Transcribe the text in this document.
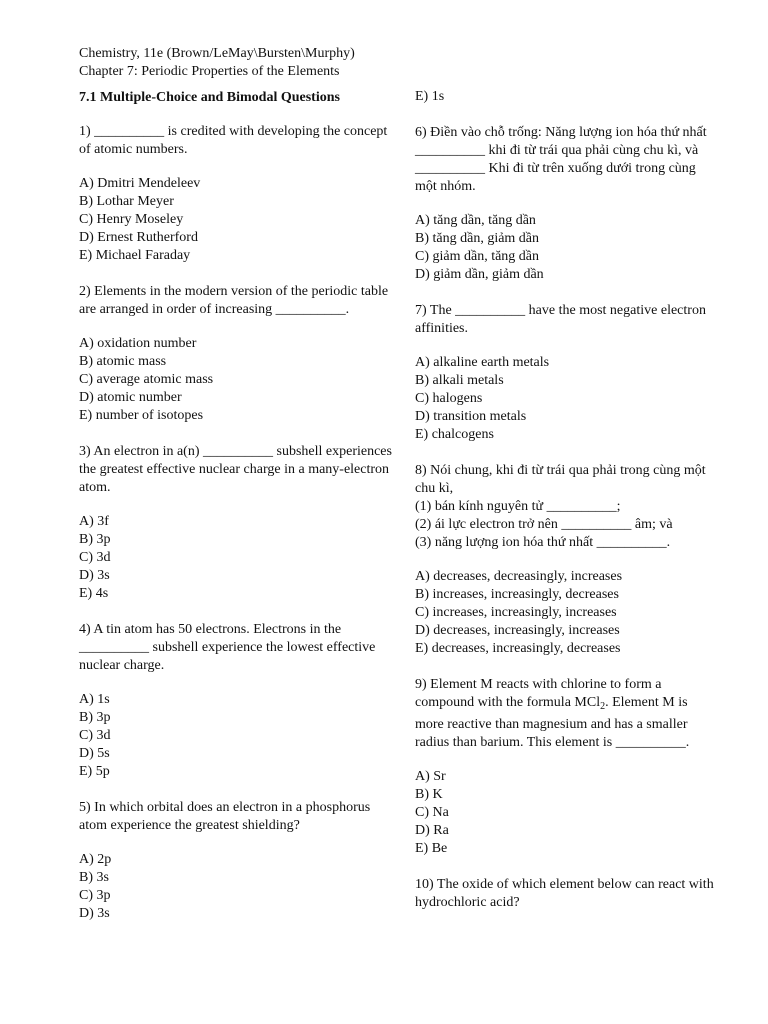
Chemistry, 11e (Brown/LeMay\Bursten\Murphy)

Chapter 7: Periodic Properties of the Elements

7.1 Multiple-Choice and Bimodal Questions

1) __________ is credited with developing the concept of atomic numbers.

A) Dmitri Mendeleev
B) Lothar Meyer
C) Henry Moseley
D) Ernest Rutherford
E) Michael Faraday

2) Elements in the modern version of the periodic table are arranged in order of increasing __________.

A) oxidation number
B) atomic mass
C) average atomic mass
D) atomic number
E) number of isotopes

3) An electron in a(n) __________ subshell experiences the greatest effective nuclear charge in a many-electron atom.

A) 3f
B) 3p
C) 3d
D) 3s
E) 4s

4) A tin atom has 50 electrons. Electrons in the __________ subshell experience the lowest effective nuclear charge.

A) 1s
B) 3p
C) 3d
D) 5s
E) 5p

5) In which orbital does an electron in a phosphorus atom experience the greatest shielding?

A) 2p
B) 3s
C) 3p
D) 3s
E) 1s

6) Điền vào chỗ trống: Năng lượng ion hóa thứ nhất __________ khi đi từ trái qua phải cùng chu kì, và __________ Khi đi từ trên xuống dưới trong cùng một nhóm.

A) tăng dần, tăng dần
B) tăng dần, giảm dần
C) giảm dần, tăng dần
D) giảm dần, giảm dần

7) The __________ have the most negative electron affinities.

A) alkaline earth metals
B) alkali metals
C) halogens
D) transition metals
E) chalcogens

8) Nói chung, khi đi từ trái qua phải trong cùng một chu kì,

(1) bán kính nguyên tử __________;
(2) ái lực electron trở nên __________ âm; và
(3) năng lượng ion hóa thứ nhất __________.
A) decreases, decreasingly, increases
B) increases, increasingly, decreases
C) increases, increasingly, increases
D) decreases, increasingly, increases
E) decreases, increasingly, decreases

9) Element M reacts with chlorine to form a compound with the formula MCl$_2$. Element M is more reactive than magnesium and has a smaller radius than barium. This element is __________.

A) Sr
B) K
C) Na
D) Ra
E) Be

10) The oxide of which element below can react with hydrochloric acid?
